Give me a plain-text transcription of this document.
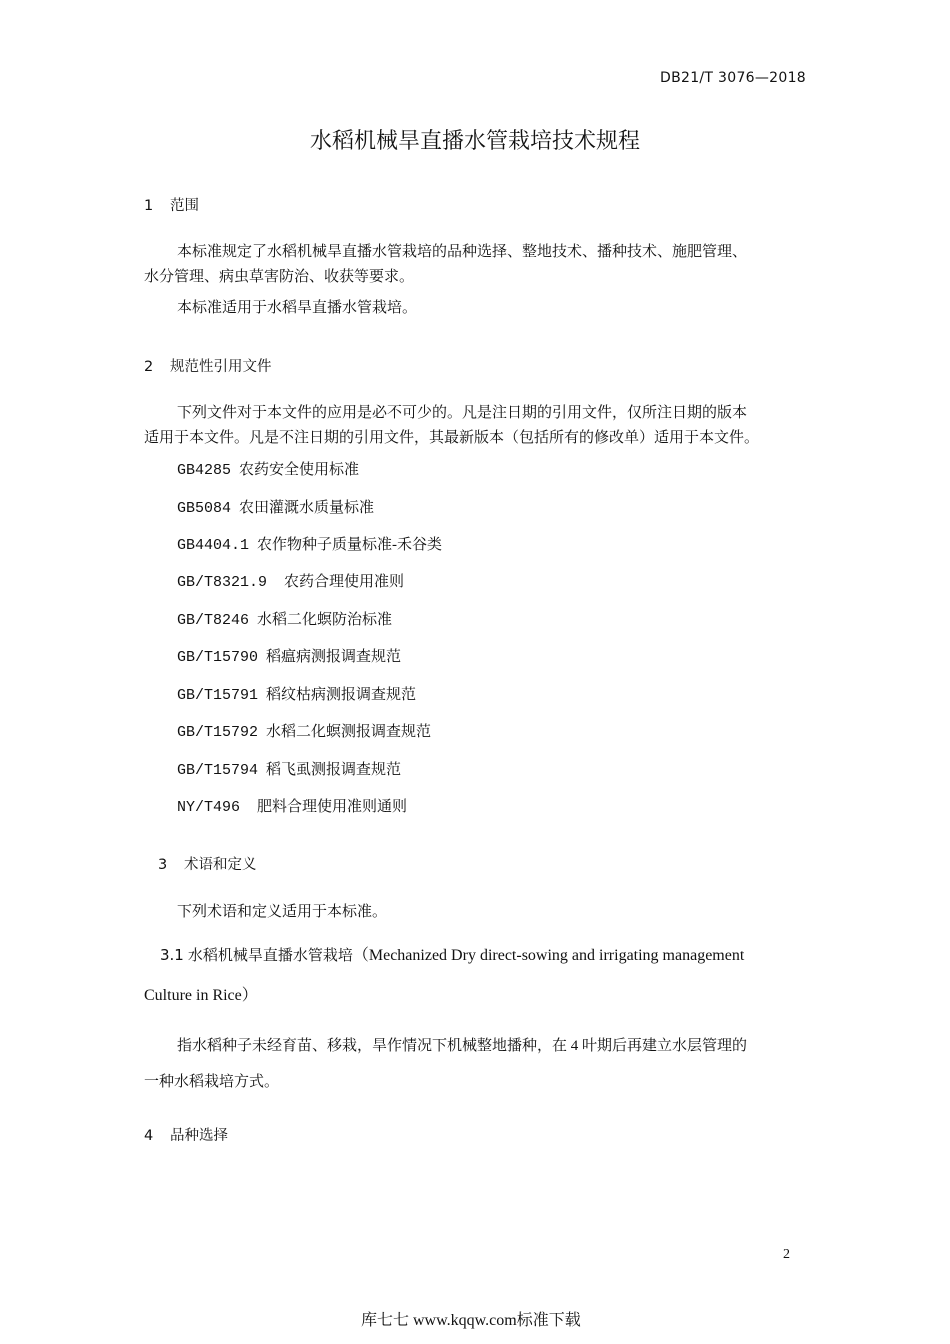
DB21/T 3076—2018
水稻机械旱直播水管栽培技术规程
1 范围
本标准规定了水稻机械旱直播水管栽培的品种选择、整地技术、播种技术、施肥管理、
水分管理、病虫草害防治、收获等要求。
本标准适用于水稻旱直播水管栽培。
2 规范性引用文件
下列文件对于本文件的应用是必不可少的。凡是注日期的引用文件，仅所注日期的版本
适用于本文件。凡是不注日期的引用文件，其最新版本（包括所有的修改单）适用于本文件。
GB4285 农药安全使用标准
GB5084 农田灌溉水质量标准
GB4404.1 农作物种子质量标准-禾谷类
GB/T8321.9 农药合理使用准则
GB/T8246 水稻二化螟防治标准
GB/T15790 稻瘟病测报调查规范
GB/T15791 稻纹枯病测报调查规范
GB/T15792 水稻二化螟测报调查规范
GB/T15794 稻飞虱测报调查规范
NY/T496 肥料合理使用准则通则
3 术语和定义
下列术语和定义适用于本标准。
3.1 水稻机械旱直播水管栽培（Mechanized Dry direct-sowing and irrigating management
Culture in Rice）
指水稻种子未经育苗、移栽，旱作情况下机械整地播种，在 4 叶期后再建立水层管理的
一种水稻栽培方式。
4 品种选择
2
库七七 www.kqqw.com标准下载
